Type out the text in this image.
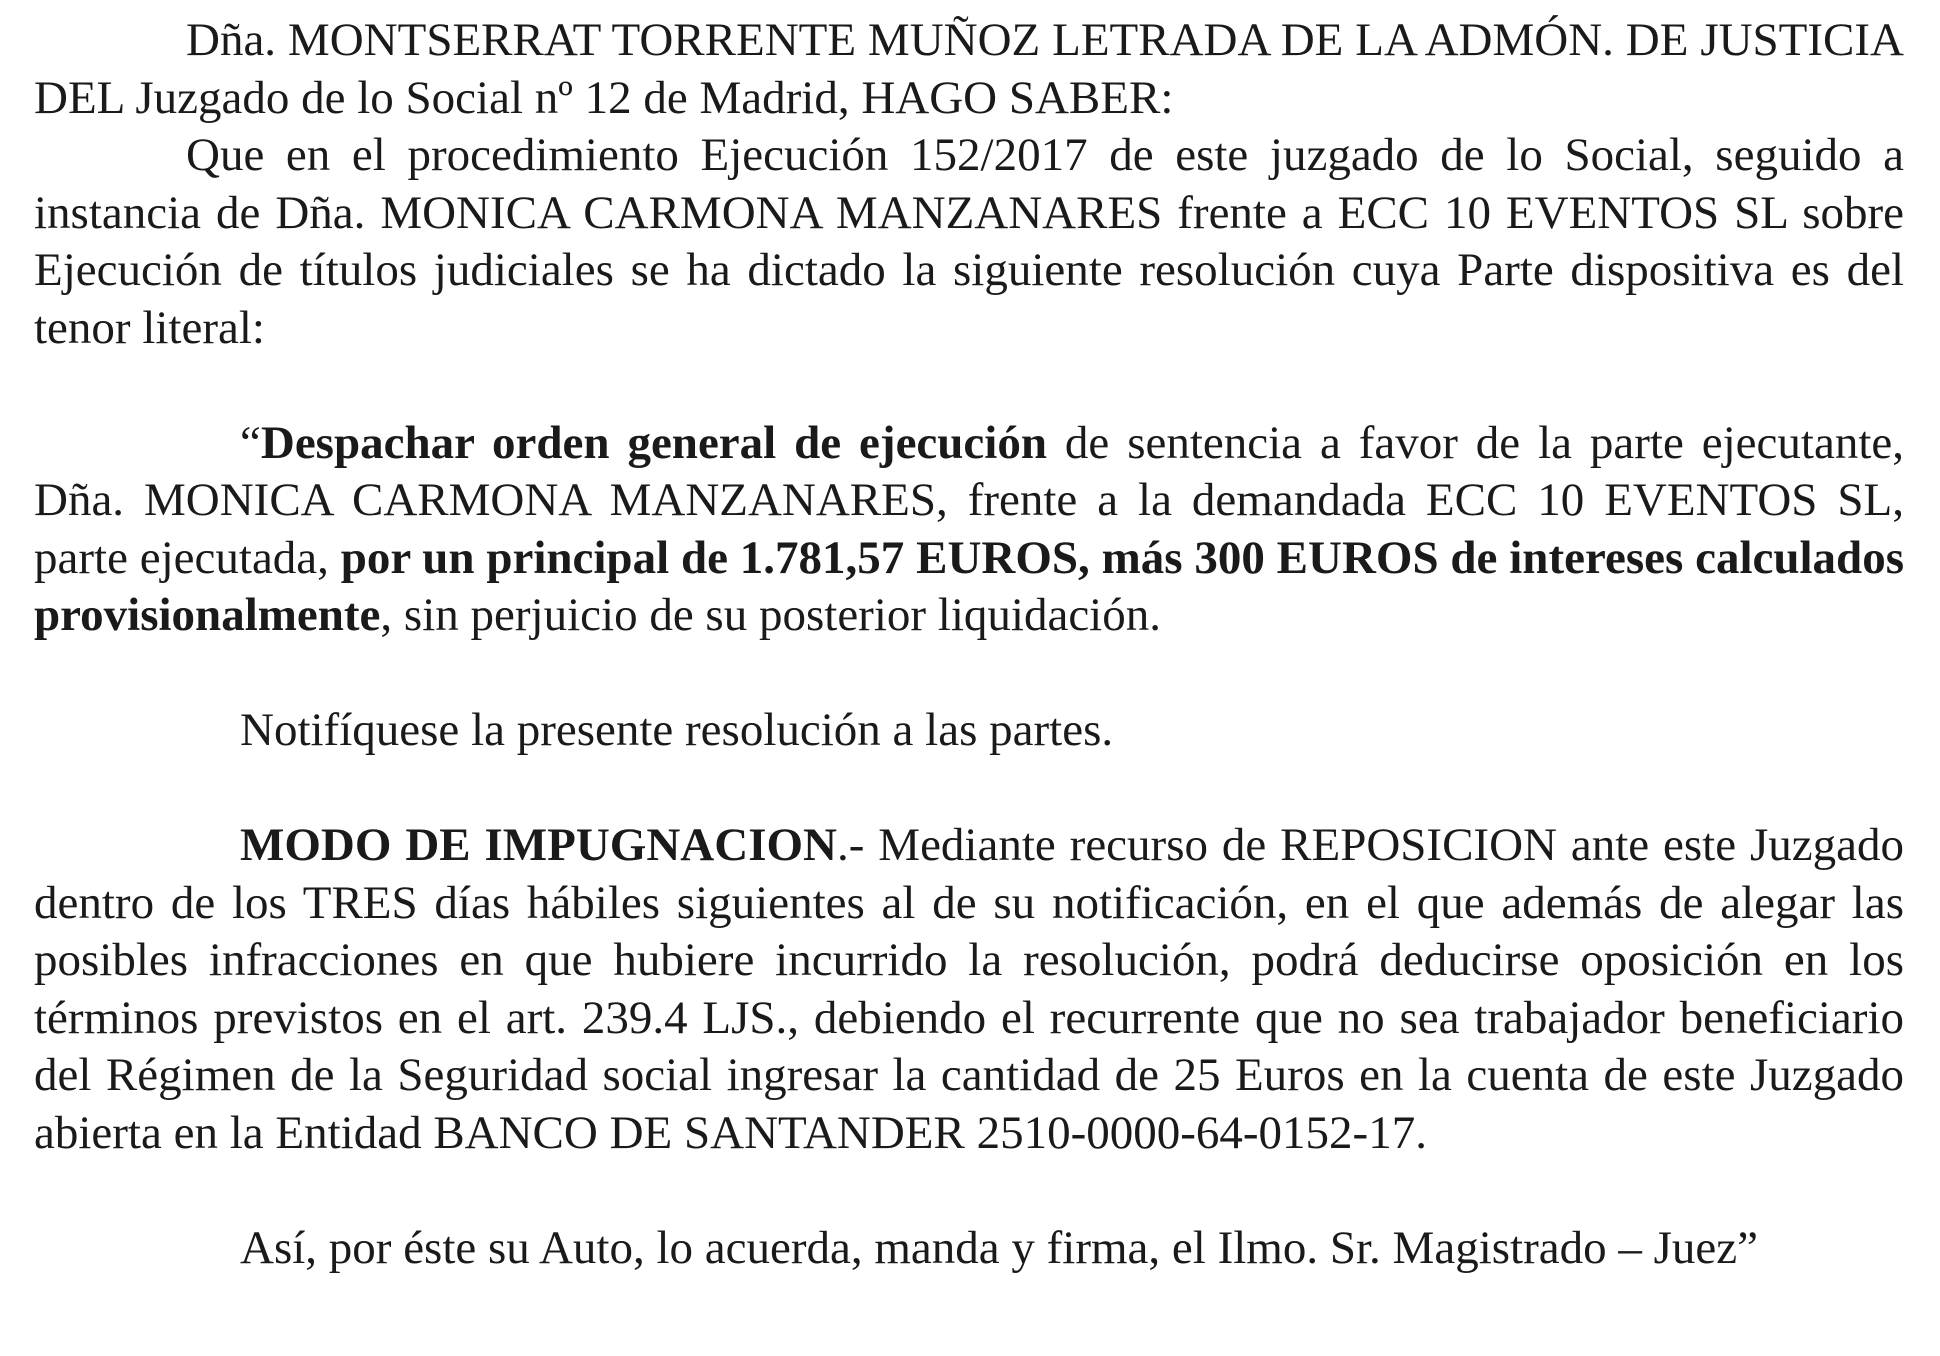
Dña. MONTSERRAT TORRENTE MUÑOZ LETRADA DE LA ADMÓN. DE JUSTICIA DEL Juzgado de lo Social nº 12 de Madrid, HAGO SABER:

Que en el procedimiento Ejecución 152/2017 de este juzgado de lo Social, seguido a instancia de Dña. MONICA CARMONA MANZANARES frente a ECC 10 EVENTOS SL sobre Ejecución de títulos judiciales se ha dictado la siguiente resolución cuya Parte dispositiva es del tenor literal:

“Despachar orden general de ejecución de sentencia a favor de la parte ejecutante, Dña. MONICA CARMONA MANZANARES, frente a la demandada ECC 10 EVENTOS SL, parte ejecutada, por un principal de 1.781,57 EUROS, más 300 EUROS de intereses calculados provisionalmente, sin perjuicio de su posterior liquidación.

Notifíquese la presente resolución a las partes.

MODO DE IMPUGNACION.- Mediante recurso de REPOSICION ante este Juzgado dentro de los TRES días hábiles siguientes al de su notificación, en el que además de alegar las posibles infracciones en que hubiere incurrido la resolución, podrá deducirse oposición en los términos previstos en el art. 239.4 LJS., debiendo el recurrente que no sea trabajador beneficiario del Régimen de la Seguridad social ingresar la cantidad de 25 Euros en la cuenta de este Juzgado abierta en la Entidad BANCO DE SANTANDER 2510-0000-64-0152-17.

Así, por éste su Auto, lo acuerda, manda y firma, el Ilmo. Sr. Magistrado – Juez”
